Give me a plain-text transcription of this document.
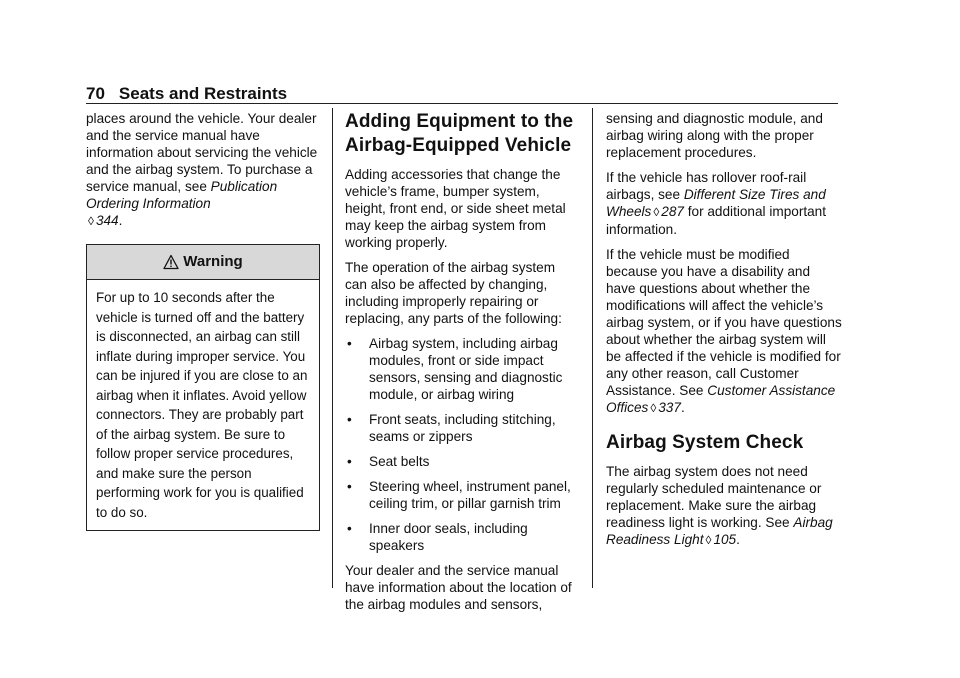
70 Seats and Restraints

places around the vehicle. Your dealer and the service manual have information about servicing the vehicle and the airbag system. To purchase a service manual, see Publication Ordering Information
◊ 344.

Warning
For up to 10 seconds after the vehicle is turned off and the battery is disconnected, an airbag can still inflate during improper service. You can be injured if you are close to an airbag when it inflates. Avoid yellow connectors. They are probably part of the airbag system. Be sure to follow proper service procedures, and make sure the person performing work for you is qualified to do so.
Adding Equipment to the Airbag-Equipped Vehicle

Adding accessories that change the vehicle’s frame, bumper system, height, front end, or side sheet metal may keep the airbag system from working properly.

The operation of the airbag system can also be affected by changing, including improperly repairing or replacing, any parts of the following:

• Airbag system, including airbag modules, front or side impact sensors, sensing and diagnostic module, or airbag wiring
• Front seats, including stitching, seams or zippers
• Seat belts
• Steering wheel, instrument panel, ceiling trim, or pillar garnish trim
• Inner door seals, including speakers

Your dealer and the service manual have information about the location of the airbag modules and sensors,

sensing and diagnostic module, and airbag wiring along with the proper replacement procedures.

If the vehicle has rollover roof-rail airbags, see Different Size Tires and Wheels ◊ 287 for additional important information.

If the vehicle must be modified because you have a disability and have questions about whether the modifications will affect the vehicle’s airbag system, or if you have questions about whether the airbag system will be affected if the vehicle is modified for any other reason, call Customer Assistance. See Customer Assistance Offices ◊ 337.

Airbag System Check

The airbag system does not need regularly scheduled maintenance or replacement. Make sure the airbag readiness light is working. See Airbag Readiness Light ◊ 105.
